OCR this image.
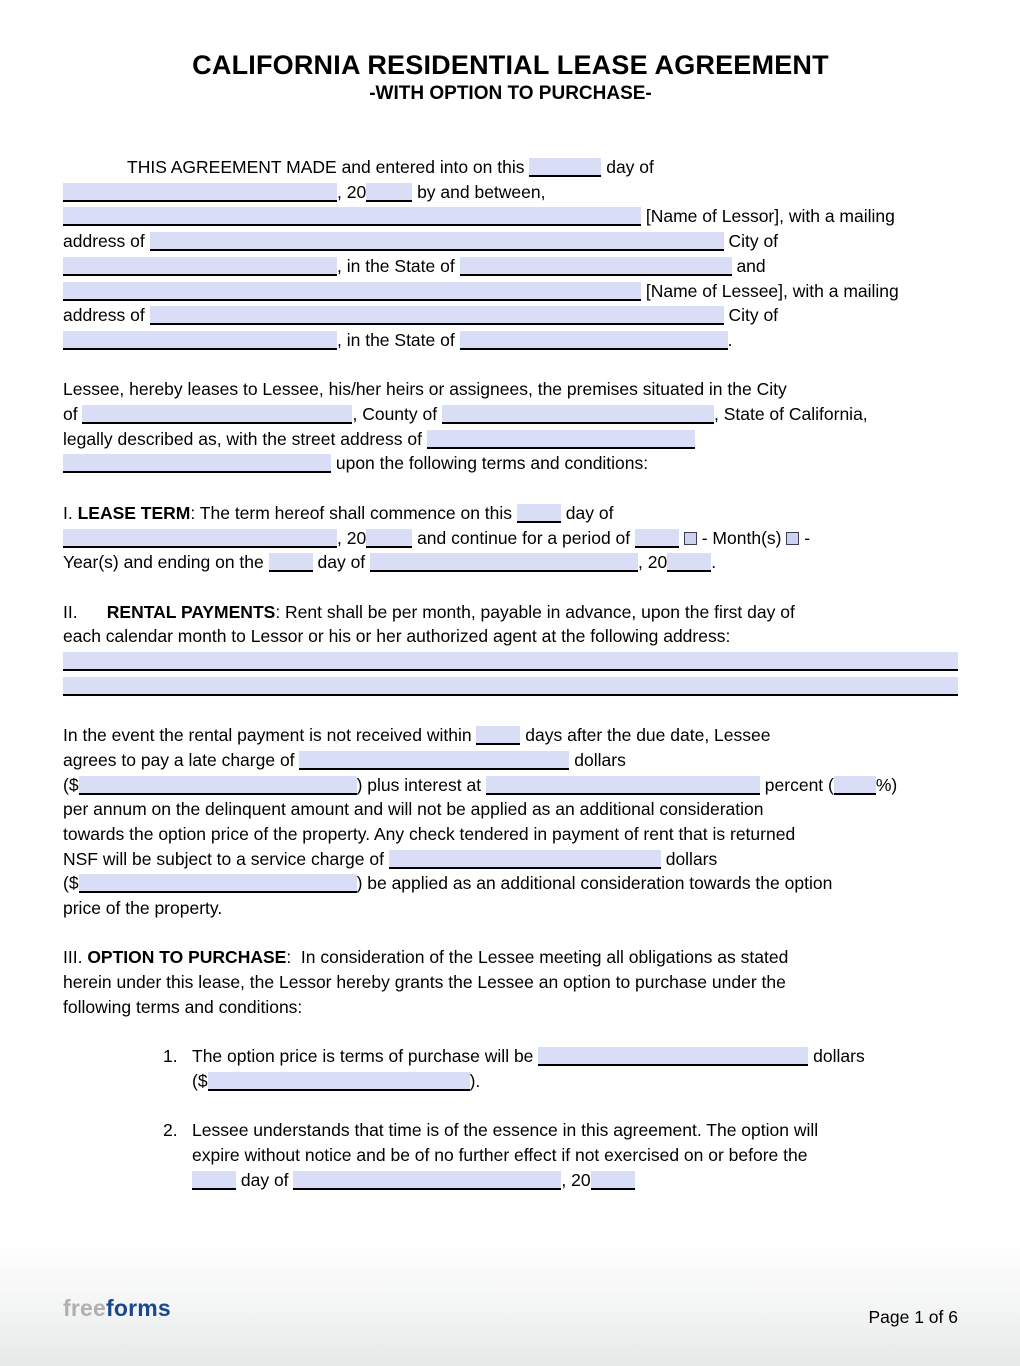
CALIFORNIA RESIDENTIAL LEASE AGREEMENT
-WITH OPTION TO PURCHASE-
THIS AGREEMENT MADE and entered into on this	day of
, 20	by and between,
[Name of Lessor], with a mailing
address of	City of
, in the State of	and
[Name of Lessee], with a mailing
address of	City of
, in the State of	.
Lessee, hereby leases to Lessee, his/her heirs or assignees, the premises situated in the City
of	, County of	, State of California,
legally described as, with the street address of
upon the following terms and conditions:
I. LEASE TERM: The term hereof shall commence on this	day of
, 20	and continue for a period of	- Month(s)  -
Year(s) and ending on the	day of	, 20	.
II.      RENTAL PAYMENTS: Rent shall be per month, payable in advance, upon the first day of
each calendar month to Lessor or his or her authorized agent at the following address:
In the event the rental payment is not received within	days after the due date, Lessee
agrees to pay a late charge of	dollars
($	) plus interest at	percent ( %)
per annum on the delinquent amount and will not be applied as an additional consideration
towards the option price of the property. Any check tendered in payment of rent that is returned
NSF will be subject to a service charge of	dollars
($	) be applied as an additional consideration towards the option
price of the property.
III. OPTION TO PURCHASE:  In consideration of the Lessee meeting all obligations as stated
herein under this lease, the Lessor hereby grants the Lessee an option to purchase under the
following terms and conditions:
1. The option price is terms of purchase will be	dollars
($	).
2. Lessee understands that time is of the essence in this agreement. The option will
expire without notice and be of no further effect if not exercised on or before the
day of	, 20
freeforms	Page 1 of 6
